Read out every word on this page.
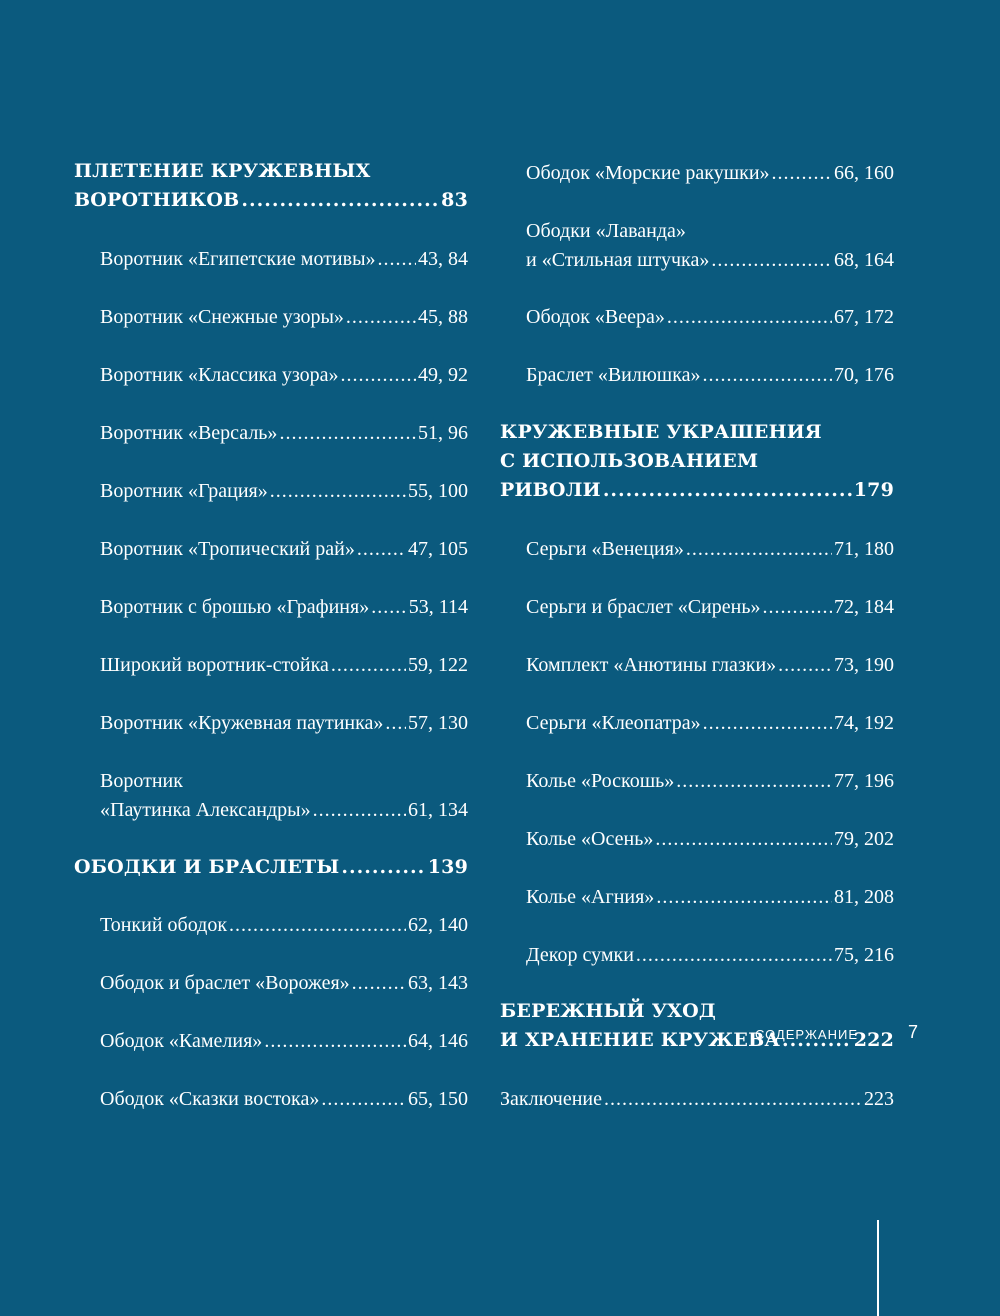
ПЛЕТЕНИЕ КРУЖЕВНЫХ
ВОРОТНИКОВ .....	83
Воротник «Египетские мотивы» ..... 43, 84
Воротник «Снежные узоры» .....	45, 88
Воротник «Классика узора» .....	49, 92
Воротник «Версаль» .....	51, 96
Воротник «Грация» .....	55, 100
Воротник «Тропический рай» .....	47, 105
Воротник с брошью «Графиня» ..... 53, 114
Широкий воротник-стойка .....	59, 122
Воротник «Кружевная паутинка» ..... 57, 130
Воротник
«Паутинка Александры» .....	61, 134
ОБОДКИ И БРАСЛЕТЫ .....	139
Тонкий ободок .....	62, 140
Ободок и браслет «Ворожея» .....	63, 143
Ободок «Камелия» .....	64, 146
Ободок «Сказки востока» .....	65, 150
Ободок «Морские ракушки» .....	66, 160
Ободки «Лаванда»
и «Стильная штучка» .....	68, 164
Ободок «Веера» .....	67, 172
Браслет «Вилюшка» .....	70, 176
КРУЖЕВНЫЕ УКРАШЕНИЯ
С ИСПОЛЬЗОВАНИЕМ
РИВОЛИ .....	179
Серьги «Венеция» .....	71, 180
Серьги и браслет «Сирень» .....	72, 184
Комплект «Анютины глазки» .....	73, 190
Серьги «Клеопатра» .....	74, 192
Колье «Роскошь» .....	77, 196
Колье «Осень» .....	79, 202
Колье «Агния» .....	81, 208
Декор сумки .....	75, 216
БЕРЕЖНЫЙ УХОД
И ХРАНЕНИЕ КРУЖЕВА .....	222
Заключение .....	223
СОДЕРЖАНИЕ	7
